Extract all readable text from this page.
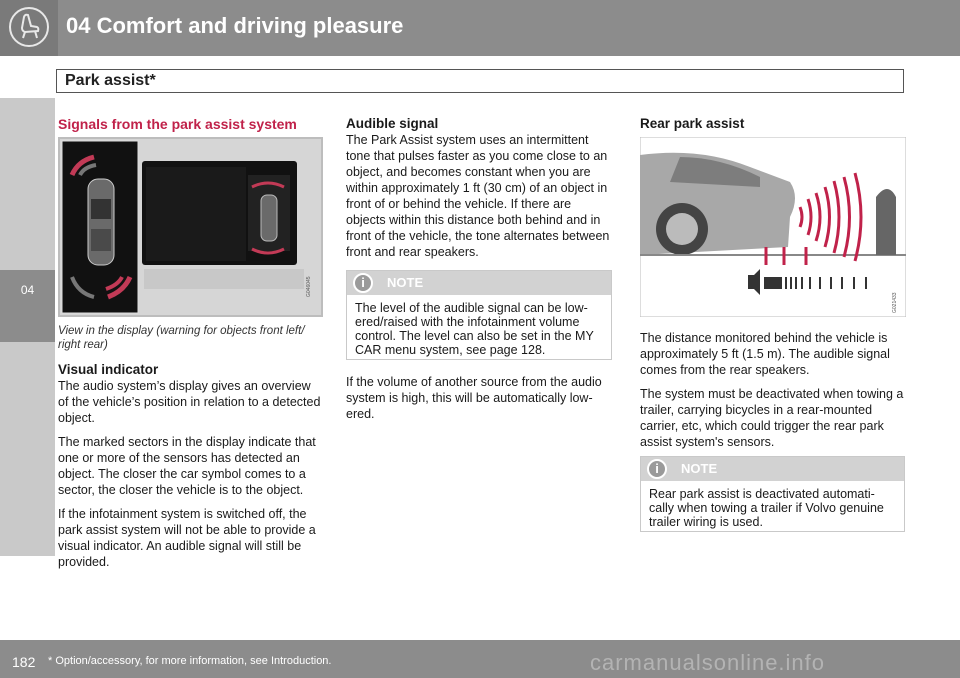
04 Comfort and driving pleasure
Park assist*
04
Signals from the park assist system
G046045
View in the display (warning for objects front left/ right rear)
Visual indicator

The audio system’s display gives an overview of the vehicle’s position in relation to a detected object.

The marked sectors in the display indicate that one or more of the sensors has detected an object. The closer the car symbol comes to a sector, the closer the vehicle is to the object.

If the infotainment system is switched off, the park assist system will not be able to provide a visual indicator. An audible signal will still be provided.

Audible signal

The Park Assist system uses an intermittent tone that pulses faster as you come close to an object, and becomes constant when you are within approximately 1 ft (30 cm) of an object in front of or behind the vehicle. If there are objects within this distance both behind and in front of the vehicle, the tone alternates between front and rear speakers.

i	NOTE
The level of the audible signal can be low-ered/raised with the infotainment volume control. The level can also be set in the MY CAR menu system, see page 128.
If the volume of another source from the audio system is high, this will be automatically low-ered.
Rear park assist
G021433

The distance monitored behind the vehicle is approximately 5 ft (1.5 m). The audible signal comes from the rear speakers.

The system must be deactivated when towing a trailer, carrying bicycles in a rear-mounted carrier, etc, which could trigger the rear park assist system's sensors.

i	NOTE
Rear park assist is deactivated automati-cally when towing a trailer if Volvo genuine trailer wiring is used.
182 * Option/accessory, for more information, see Introduction.	carmanualsonline.info
